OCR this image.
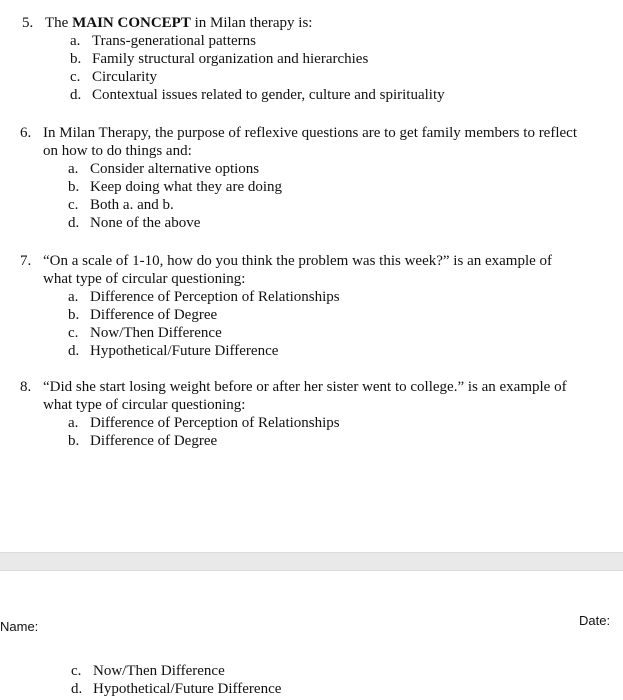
5. The MAIN CONCEPT in Milan therapy is:
a. Trans-generational patterns
b. Family structural organization and hierarchies
c. Circularity
d. Contextual issues related to gender, culture and spirituality
6. In Milan Therapy, the purpose of reflexive questions are to get family members to reflect
on how to do things and:
a. Consider alternative options
b. Keep doing what they are doing
c. Both a. and b.
d. None of the above
7. “On a scale of 1-10, how do you think the problem was this week?” is an example of
what type of circular questioning:
a. Difference of Perception of Relationships
b. Difference of Degree
c. Now/Then Difference
d. Hypothetical/Future Difference
8. “Did she start losing weight before or after her sister went to college.” is an example of
what type of circular questioning:
a. Difference of Perception of Relationships
b. Difference of Degree
Name:	Date:
c. Now/Then Difference
d. Hypothetical/Future Difference
